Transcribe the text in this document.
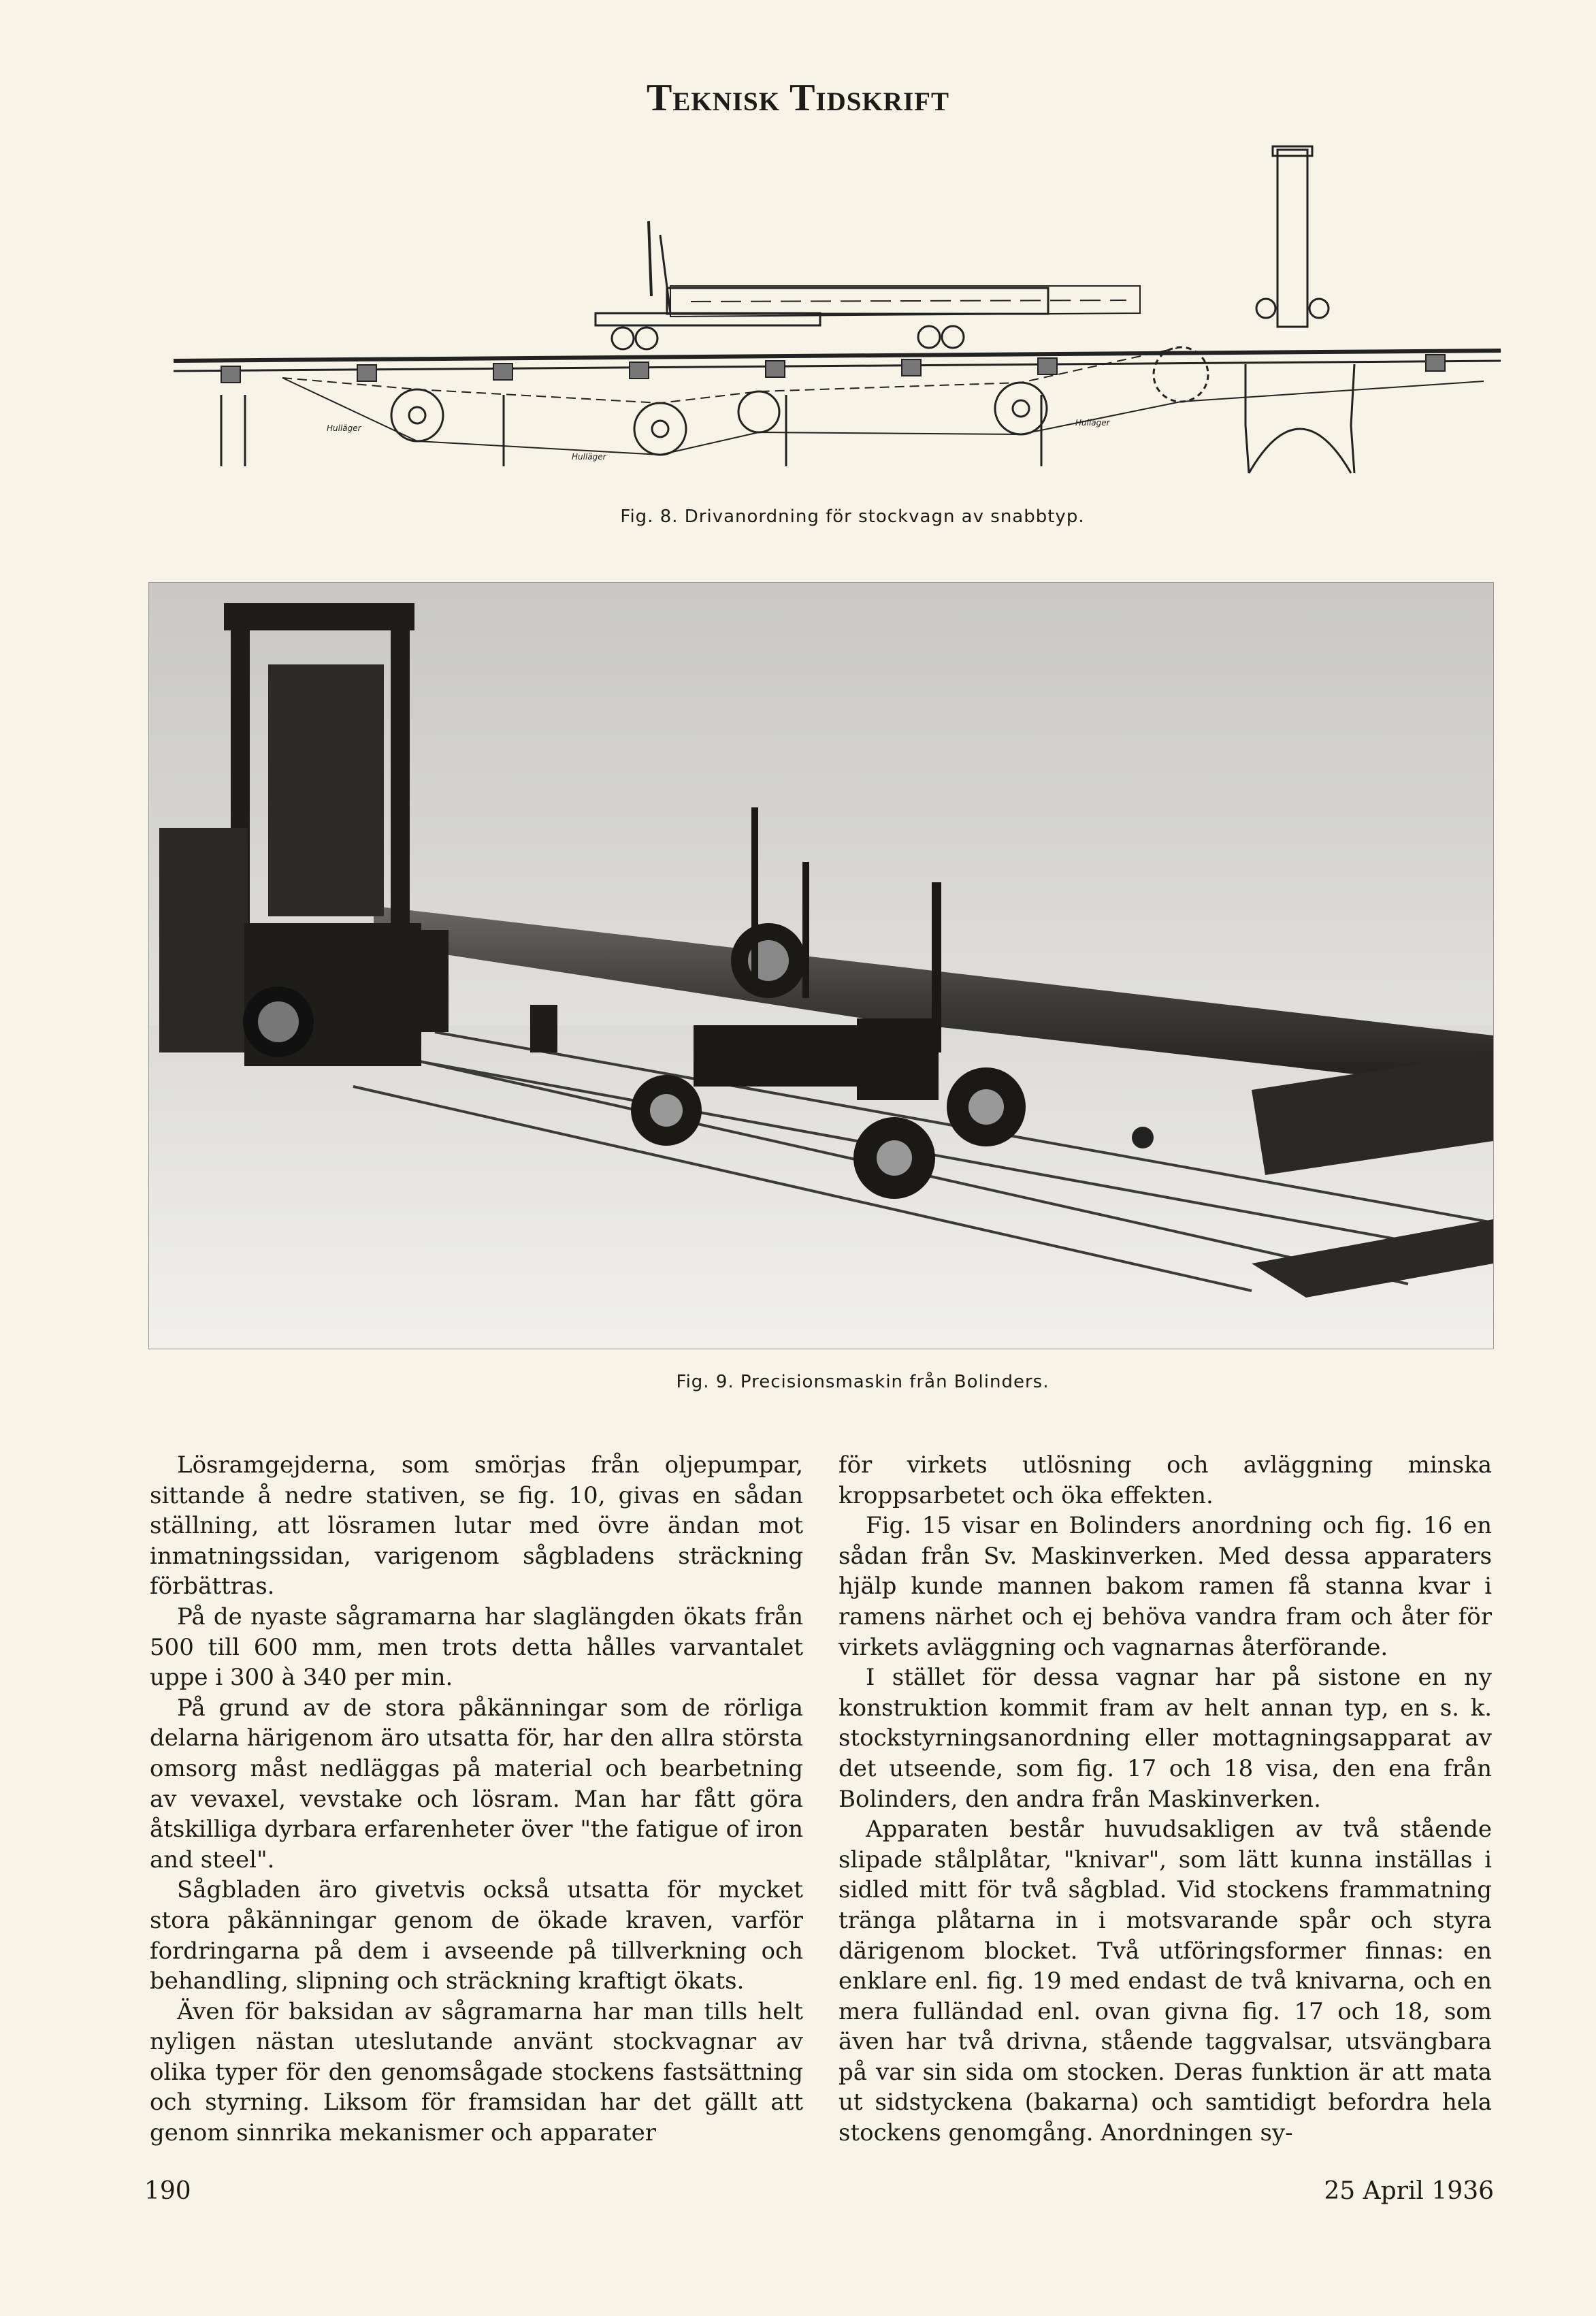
Teknisk Tidskrift
Hulläger
Hulläger
Hulläger
Fig. 8. Drivanordning för stockvagn av snabbtyp.
Fig. 9. Precisionsmaskin från Bolinders.

Lösramgejderna, som smörjas från oljepumpar, sittande å nedre stativen, se fig. 10, givas en sådan ställning, att lösramen lutar med övre ändan mot inmatningssidan, varigenom sågbladens sträckning förbättras.

På de nyaste sågramarna har slaglängden ökats från 500 till 600 mm, men trots detta hålles varvantalet uppe i 300 à 340 per min.

På grund av de stora påkänningar som de rörliga delarna härigenom äro utsatta för, har den allra största omsorg måst nedläggas på material och bearbetning av vevaxel, vevstake och lösram. Man har fått göra åtskilliga dyrbara erfarenheter över "the fatigue of iron and steel".

Sågbladen äro givetvis också utsatta för mycket stora påkänningar genom de ökade kraven, varför fordringarna på dem i avseende på tillverkning och behandling, slipning och sträckning kraftigt ökats.

Även för baksidan av sågramarna har man tills helt nyligen nästan uteslutande använt stockvagnar av olika typer för den genomsågade stockens fastsättning och styrning. Liksom för framsidan har det gällt att genom sinnrika mekanismer och apparater

för virkets utlösning och avläggning minska kroppsarbetet och öka effekten.

Fig. 15 visar en Bolinders anordning och fig. 16 en sådan från Sv. Maskinverken. Med dessa apparaters hjälp kunde mannen bakom ramen få stanna kvar i ramens närhet och ej behöva vandra fram och åter för virkets avläggning och vagnarnas återförande.

I stället för dessa vagnar har på sistone en ny konstruktion kommit fram av helt annan typ, en s. k. stockstyrningsanordning eller mottagningsapparat av det utseende, som fig. 17 och 18 visa, den ena från Bolinders, den andra från Maskinverken.

Apparaten består huvudsakligen av två stående slipade stålplåtar, "knivar", som lätt kunna inställas i sidled mitt för två sågblad. Vid stockens frammatning tränga plåtarna in i motsvarande spår och styra därigenom blocket. Två utföringsformer finnas: en enklare enl. fig. 19 med endast de två knivarna, och en mera fulländad enl. ovan givna fig. 17 och 18, som även har två drivna, stående taggvalsar, utsvängbara på var sin sida om stocken. Deras funktion är att mata ut sidstyckena (bakarna) och samtidigt befordra hela stockens genomgång. Anordningen sy-

190	25 April 1936
